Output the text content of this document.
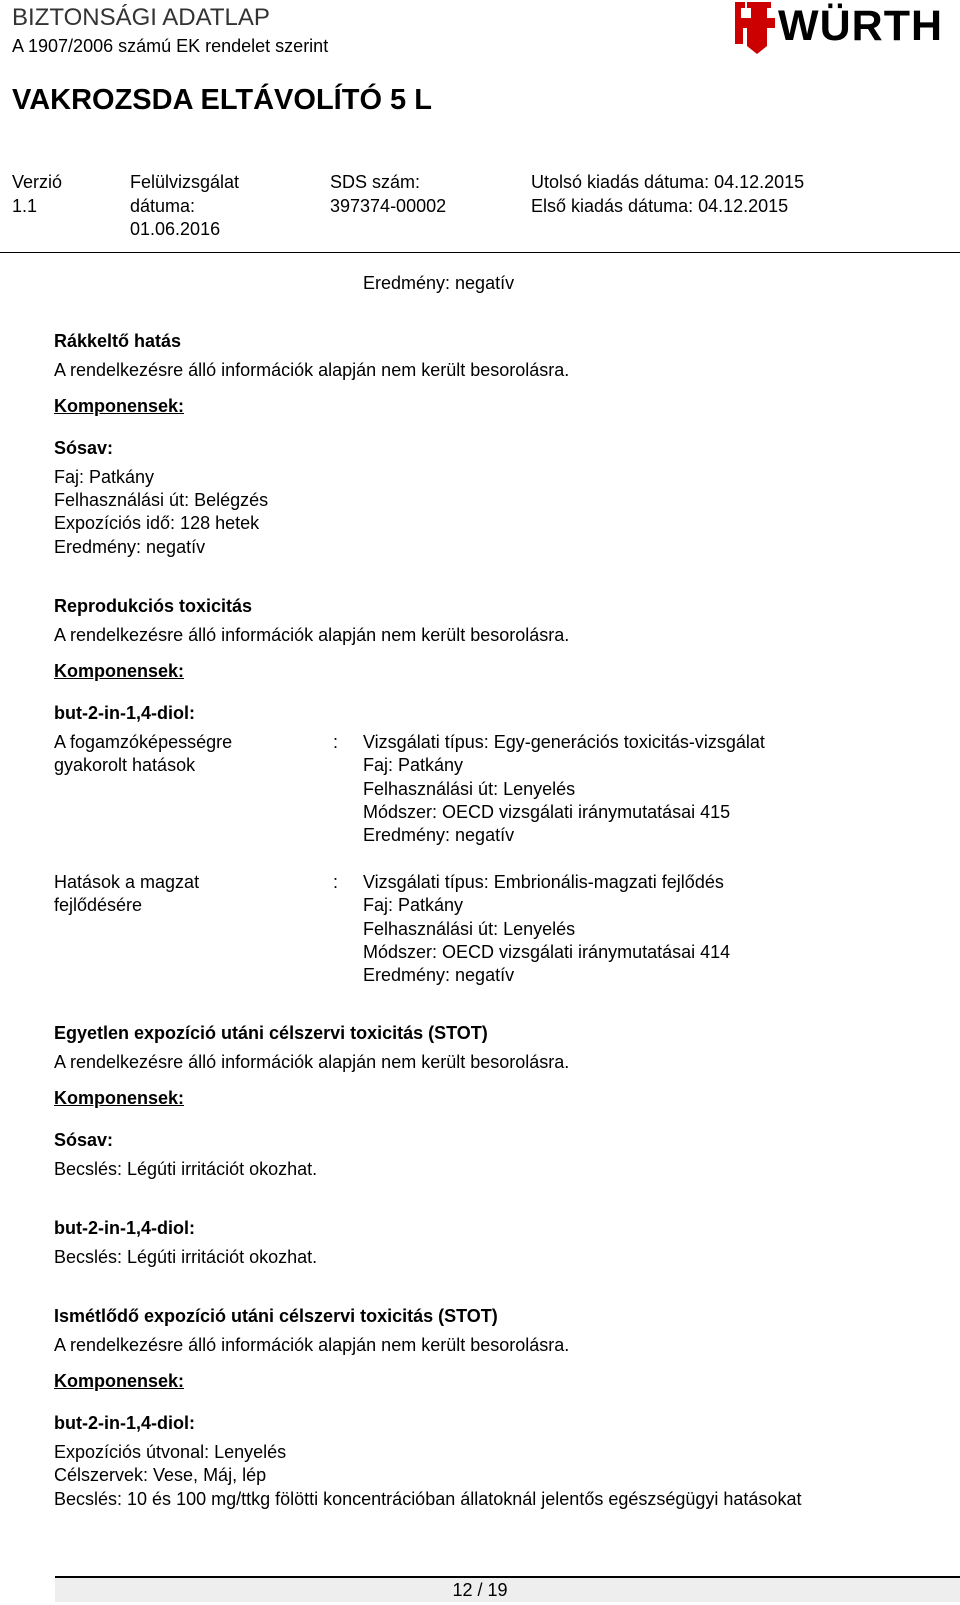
BIZTONSÁGI ADATLAP
A 1907/2006 számú EK rendelet szerint
VAKROZSDA ELTÁVOLÍTÓ 5 L
WÜRTH
Verzió
1.1
Felülvizsgálat
dátuma:
01.06.2016
SDS szám:
397374-00002
Utolsó kiadás dátuma: 04.12.2015
Első kiadás dátuma: 04.12.2015
Eredmény: negatív
Rákkeltő hatás
A rendelkezésre álló információk alapján nem került besorolásra.
Komponensek:
Sósav:
Faj: Patkány
Felhasználási út: Belégzés
Expozíciós idő: 128 hetek
Eredmény: negatív
Reprodukciós toxicitás
A rendelkezésre álló információk alapján nem került besorolásra.
Komponensek:
but-2-in-1,4-diol:
A fogamzóképességre
gyakorolt hatások
: Vizsgálati típus: Egy-generációs toxicitás-vizsgálat
Faj: Patkány
Felhasználási út: Lenyelés
Módszer: OECD vizsgálati iránymutatásai 415
Eredmény: negatív
Hatások a magzat
fejlődésére
: Vizsgálati típus: Embrionális-magzati fejlődés
Faj: Patkány
Felhasználási út: Lenyelés
Módszer: OECD vizsgálati iránymutatásai 414
Eredmény: negatív
Egyetlen expozíció utáni célszervi toxicitás (STOT)
A rendelkezésre álló információk alapján nem került besorolásra.
Komponensek:
Sósav:
Becslés: Légúti irritációt okozhat.
but-2-in-1,4-diol:
Becslés: Légúti irritációt okozhat.
Ismétlődő expozíció utáni célszervi toxicitás (STOT)
A rendelkezésre álló információk alapján nem került besorolásra.
Komponensek:
but-2-in-1,4-diol:
Expozíciós útvonal: Lenyelés
Célszervek: Vese, Máj, lép
Becslés: 10 és 100 mg/ttkg fölötti koncentrációban állatoknál jelentős egészségügyi hatásokat
12 / 19
